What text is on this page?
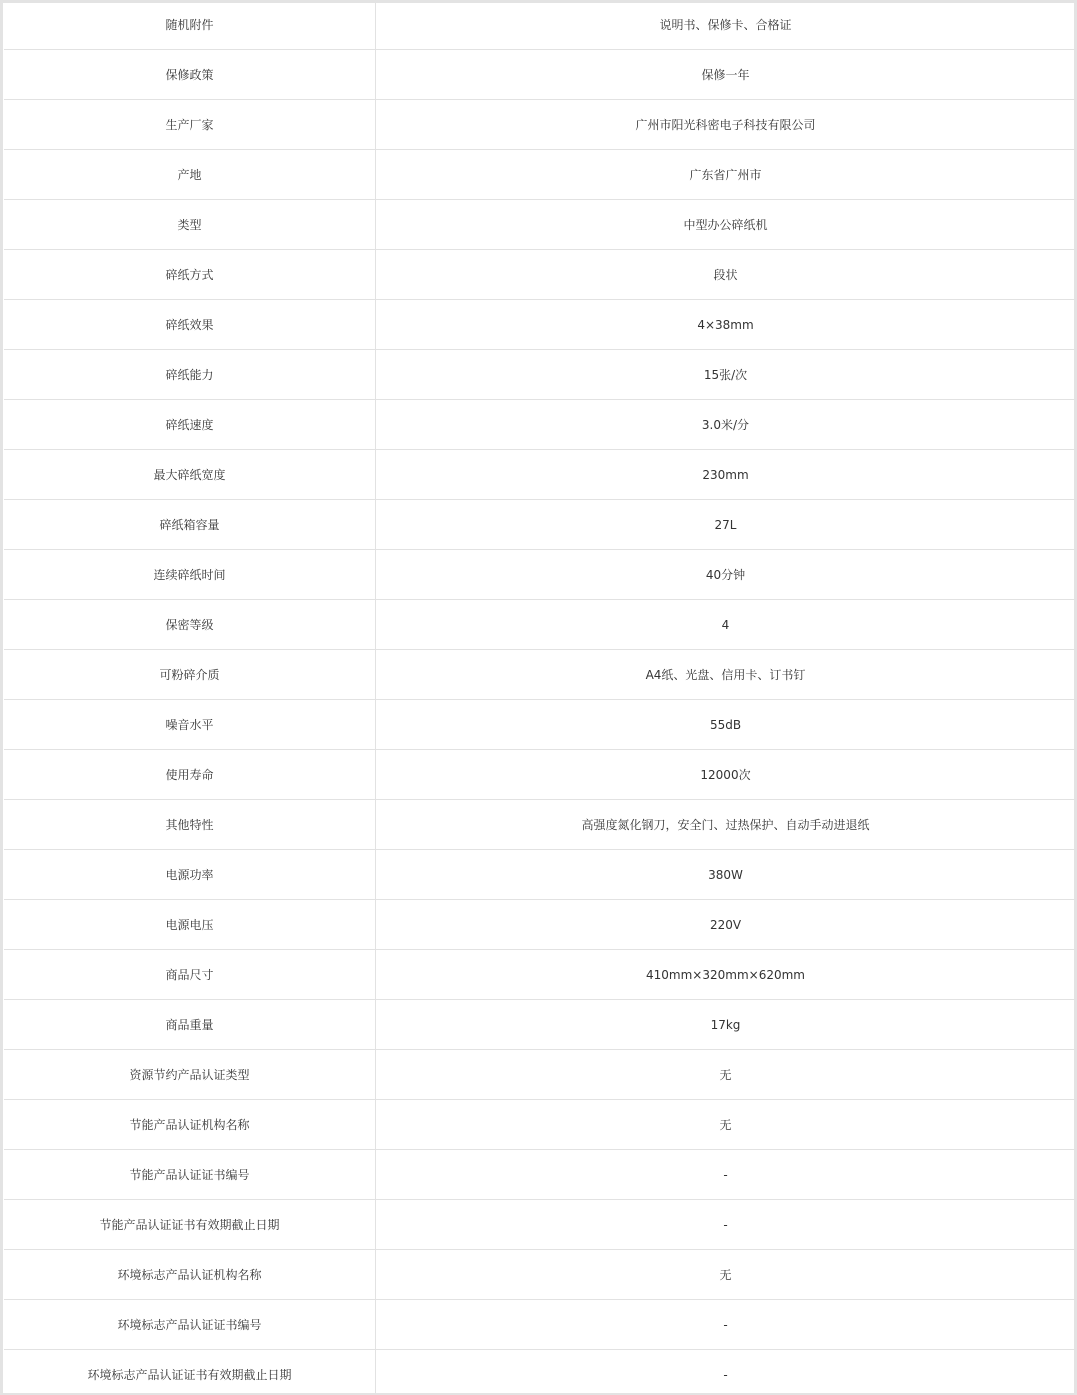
随机附件	说明书、保修卡、合格证
保修政策	保修一年
生产厂家	广州市阳光科密电子科技有限公司
产地	广东省广州市
类型	中型办公碎纸机
碎纸方式	段状
碎纸效果	4×38mm
碎纸能力	15张/次
碎纸速度	3.0米/分
最大碎纸宽度	230mm
碎纸箱容量	27L
连续碎纸时间	40分钟
保密等级	4
可粉碎介质	A4纸、光盘、信用卡、订书钉
噪音水平	55dB
使用寿命	12000次
其他特性	高强度氮化钢刀，安全门、过热保护、自动手动进退纸
电源功率	380W
电源电压	220V
商品尺寸	410mm×320mm×620mm
商品重量	17kg
资源节约产品认证类型	无
节能产品认证机构名称	无
节能产品认证证书编号	-
节能产品认证证书有效期截止日期	-
环境标志产品认证机构名称	无
环境标志产品认证证书编号	-
环境标志产品认证证书有效期截止日期	-
